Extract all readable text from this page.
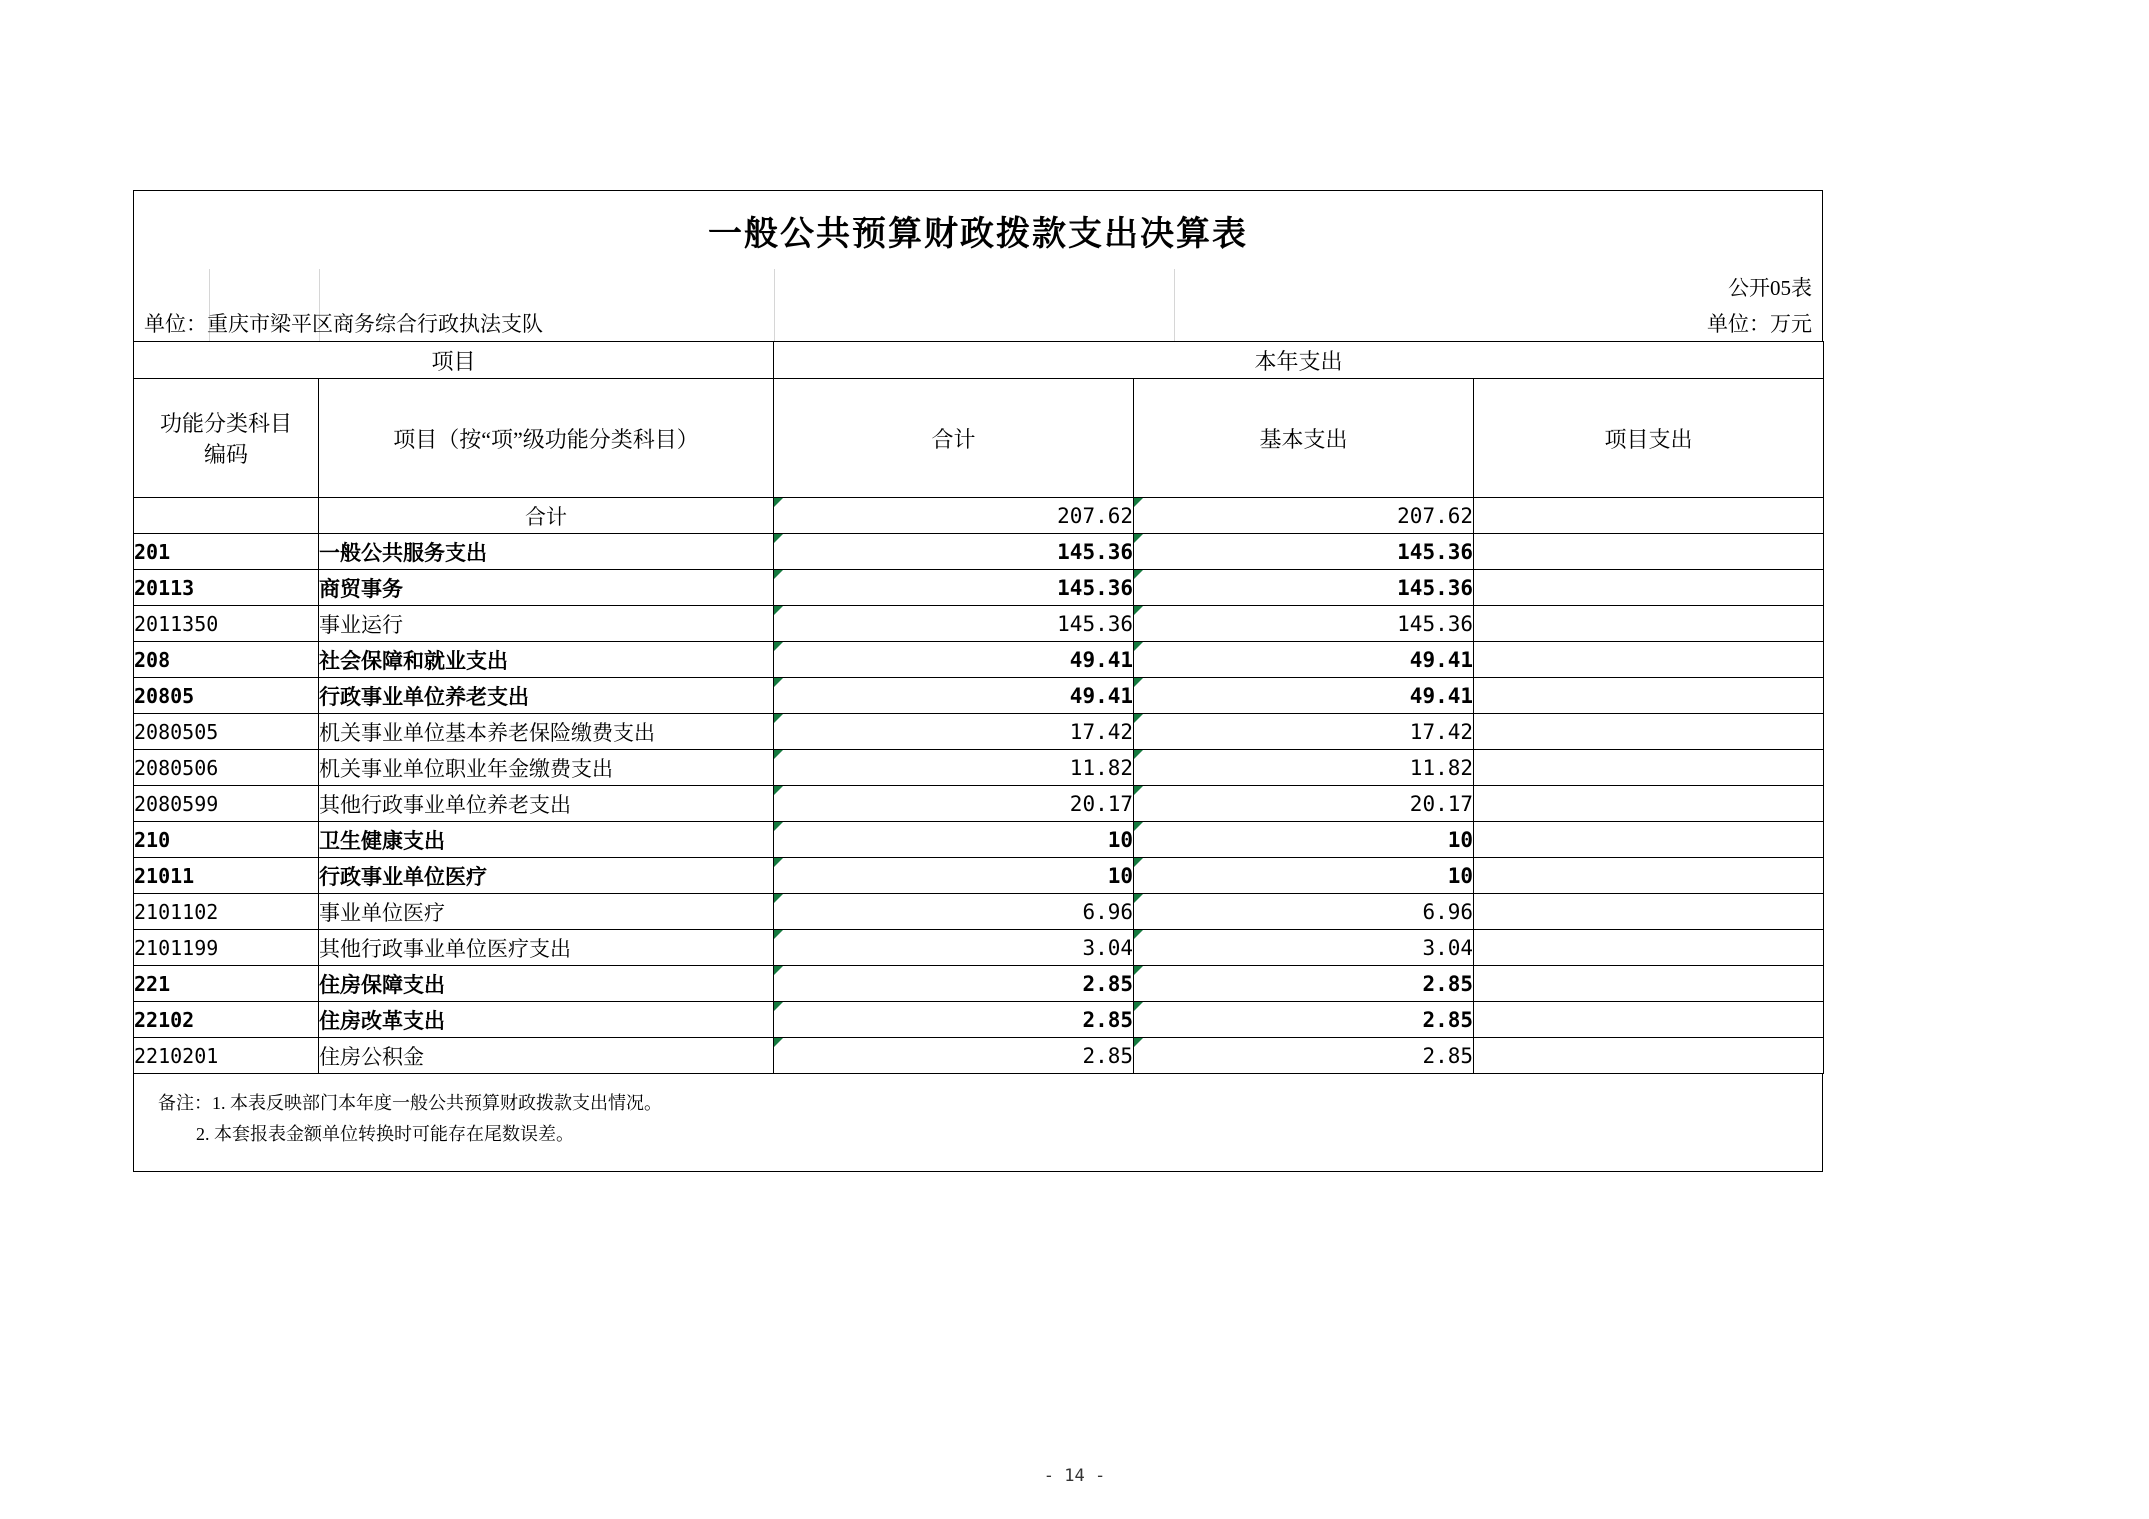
一般公共预算财政拨款支出决算表
公开05表
单位：重庆市梁平区商务综合行政执法支队	单位：万元
项目		本年支出		

功能分类科目
编码	项目（按“项”级功能分类科目）	合计	基本支出	项目支出
	合计	207.62	207.62	
201	一般公共服务支出	145.36	145.36	
20113	商贸事务	145.36	145.36	
2011350	事业运行	145.36	145.36	
208	社会保障和就业支出	49.41	49.41	
20805	行政事业单位养老支出	49.41	49.41	
2080505	机关事业单位基本养老保险缴费支出	17.42	17.42	
2080506	机关事业单位职业年金缴费支出	11.82	11.82	
2080599	其他行政事业单位养老支出	20.17	20.17	
210	卫生健康支出	10	10	
21011	行政事业单位医疗	10	10	
2101102	事业单位医疗	6.96	6.96	
2101199	其他行政事业单位医疗支出	3.04	3.04	
221	住房保障支出	2.85	2.85	
22102	住房改革支出	2.85	2.85	
2210201	住房公积金	2.85	2.85	
备注：1. 本表反映部门本年度一般公共预算财政拨款支出情况。
2. 本套报表金额单位转换时可能存在尾数误差。
- 14 -
